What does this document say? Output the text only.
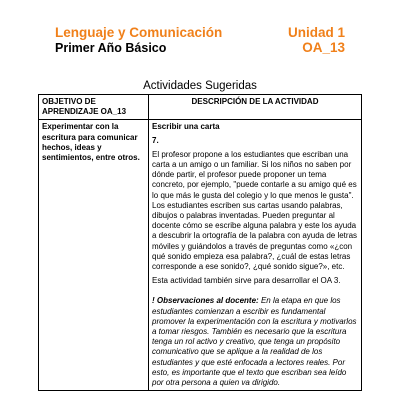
Lenguaje y Comunicación	Unidad 1
Primer Año Básico	OA_13
Actividades Sugeridas
OBJETIVO DE APRENDIZAJE OA_13	DESCRIPCIÓN DE LA ACTIVIDAD

Experimentar con la escritura para comunicar hechos, ideas y sentimientos, entre otros.	Escribir una carta
7.

El profesor propone a los estudiantes que escriban una carta a un amigo o un familiar. Si los niños no saben por dónde partir, el profesor puede proponer un tema concreto, por ejemplo, "puede contarle a su amigo qué es lo que más le gusta del colegio y lo que menos le gusta". Los estudiantes escriben sus cartas usando palabras, dibujos o palabras inventadas. Pueden preguntar al docente cómo se escribe alguna palabra y este los ayuda a descubrir la ortografía de la palabra con ayuda de letras móviles y guiándolos a través de preguntas como «¿con qué sonido empieza esa palabra?, ¿cuál de estas letras corresponde a ese sonido?, ¿qué sonido sigue?», etc.

Esta actividad también sirve para desarrollar el OA 3.

! Observaciones al docente: En la etapa en que los estudiantes comienzan a escribir es fundamental promover la experimentación con la escritura y motivarlos a tomar riesgos. También es necesario que la escritura tenga un rol activo y creativo, que tenga un propósito comunicativo que se aplique a la realidad de los estudiantes y que esté enfocada a lectores reales. Por esto, es importante que el texto que escriban sea leído por otra persona a quien va dirigido.
